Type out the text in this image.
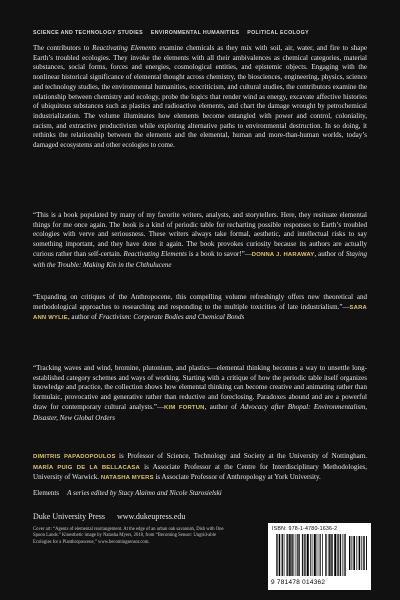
SCIENCE AND TECHNOLOGY STUDIES ENVIRONMENTAL HUMANITIES POLITICAL ECOLOGY

The contributors to Reactivating Elements examine chemicals as they mix with soil, air, water, and fire to shape Earth’s troubled ecologies. They invoke the elements with all their ambivalences as chemical categories, material substances, social forms, forces and energies, cosmological entities, and epistemic objects. Engaging with the nonlinear historical significance of elemental thought across chemistry, the biosciences, engineering, physics, science and technology studies, the environmental humanities, ecocriticism, and cultural studies, the contributors examine the relationship between chemistry and ecology, probe the logics that render wind as energy, excavate affective histories of ubiquitous substances such as plastics and radioactive elements, and chart the damage wrought by petrochemical industrialization. The volume illuminates how elements become entangled with power and control, coloniality, racism, and extractive productivism while exploring alternative paths to environmental destruction. In so doing, it rethinks the relationship between the elements and the elemental, human and more-than-human worlds, today’s damaged ecosystems and other ecologies to come.

“This is a book populated by many of my favorite writers, analysts, and storytellers. Here, they resituate elemental things for me once again. The book is a kind of periodic table for recharting possible responses to Earth’s troubled ecologies with verve and seriousness. These writers always take formal, aesthetic, and intellectual risks to say something important, and they have done it again. The book provokes curiosity because its authors are actually curious rather than self-certain. Reactivating Elements is a book to savor!”—DONNA J. HARAWAY, author of Staying with the Trouble: Making Kin in the Chthulucene

“Expanding on critiques of the Anthropocene, this compelling volume refreshingly offers new theoretical and methodological approaches to researching and responding to the multiple toxicities of late industrialism.”—SARA ANN WYLIE, author of Fractivism: Corporate Bodies and Chemical Bonds

“Tracking waves and wind, bromine, plutonium, and plastics—elemental thinking becomes a way to unsettle long-established category schemes and ways of working. Starting with a critique of how the periodic table itself organizes knowledge and practice, the collection shows how elemental thinking can become creative and animating rather than formulaic, provocative and generative rather than reductive and foreclosing. Paradoxes abound and are a powerful draw for contemporary cultural analysts.”—KIM FORTUN, author of Advocacy after Bhopal: Environmentalism, Disaster, New Global Orders

DIMITRIS PAPADOPOULOS is Professor of Science, Technology and Society at the University of Nottingham. MARÍA PUIG DE LA BELLACASA is Associate Professor at the Centre for Interdisciplinary Methodologies, University of Warwick. NATASHA MYERS is Associate Professor of Anthropology at York University.

Elements A series edited by Stacy Alaimo and Nicole Starosielski
Duke University Press www.dukeupress.edu
Cover art: “Agents of elemental rearrangement. At the edge of an urban oak savannah, Dish with One Spoon Lands.” Kinesthetic image by Natasha Myers, 2018, from “Becoming Sensor: Ungrid-able Ecologies for a Planthroposcene,” www.becomingsensor.com.
ISBN: 978-1-4780-1636-2
9 781478 014362
